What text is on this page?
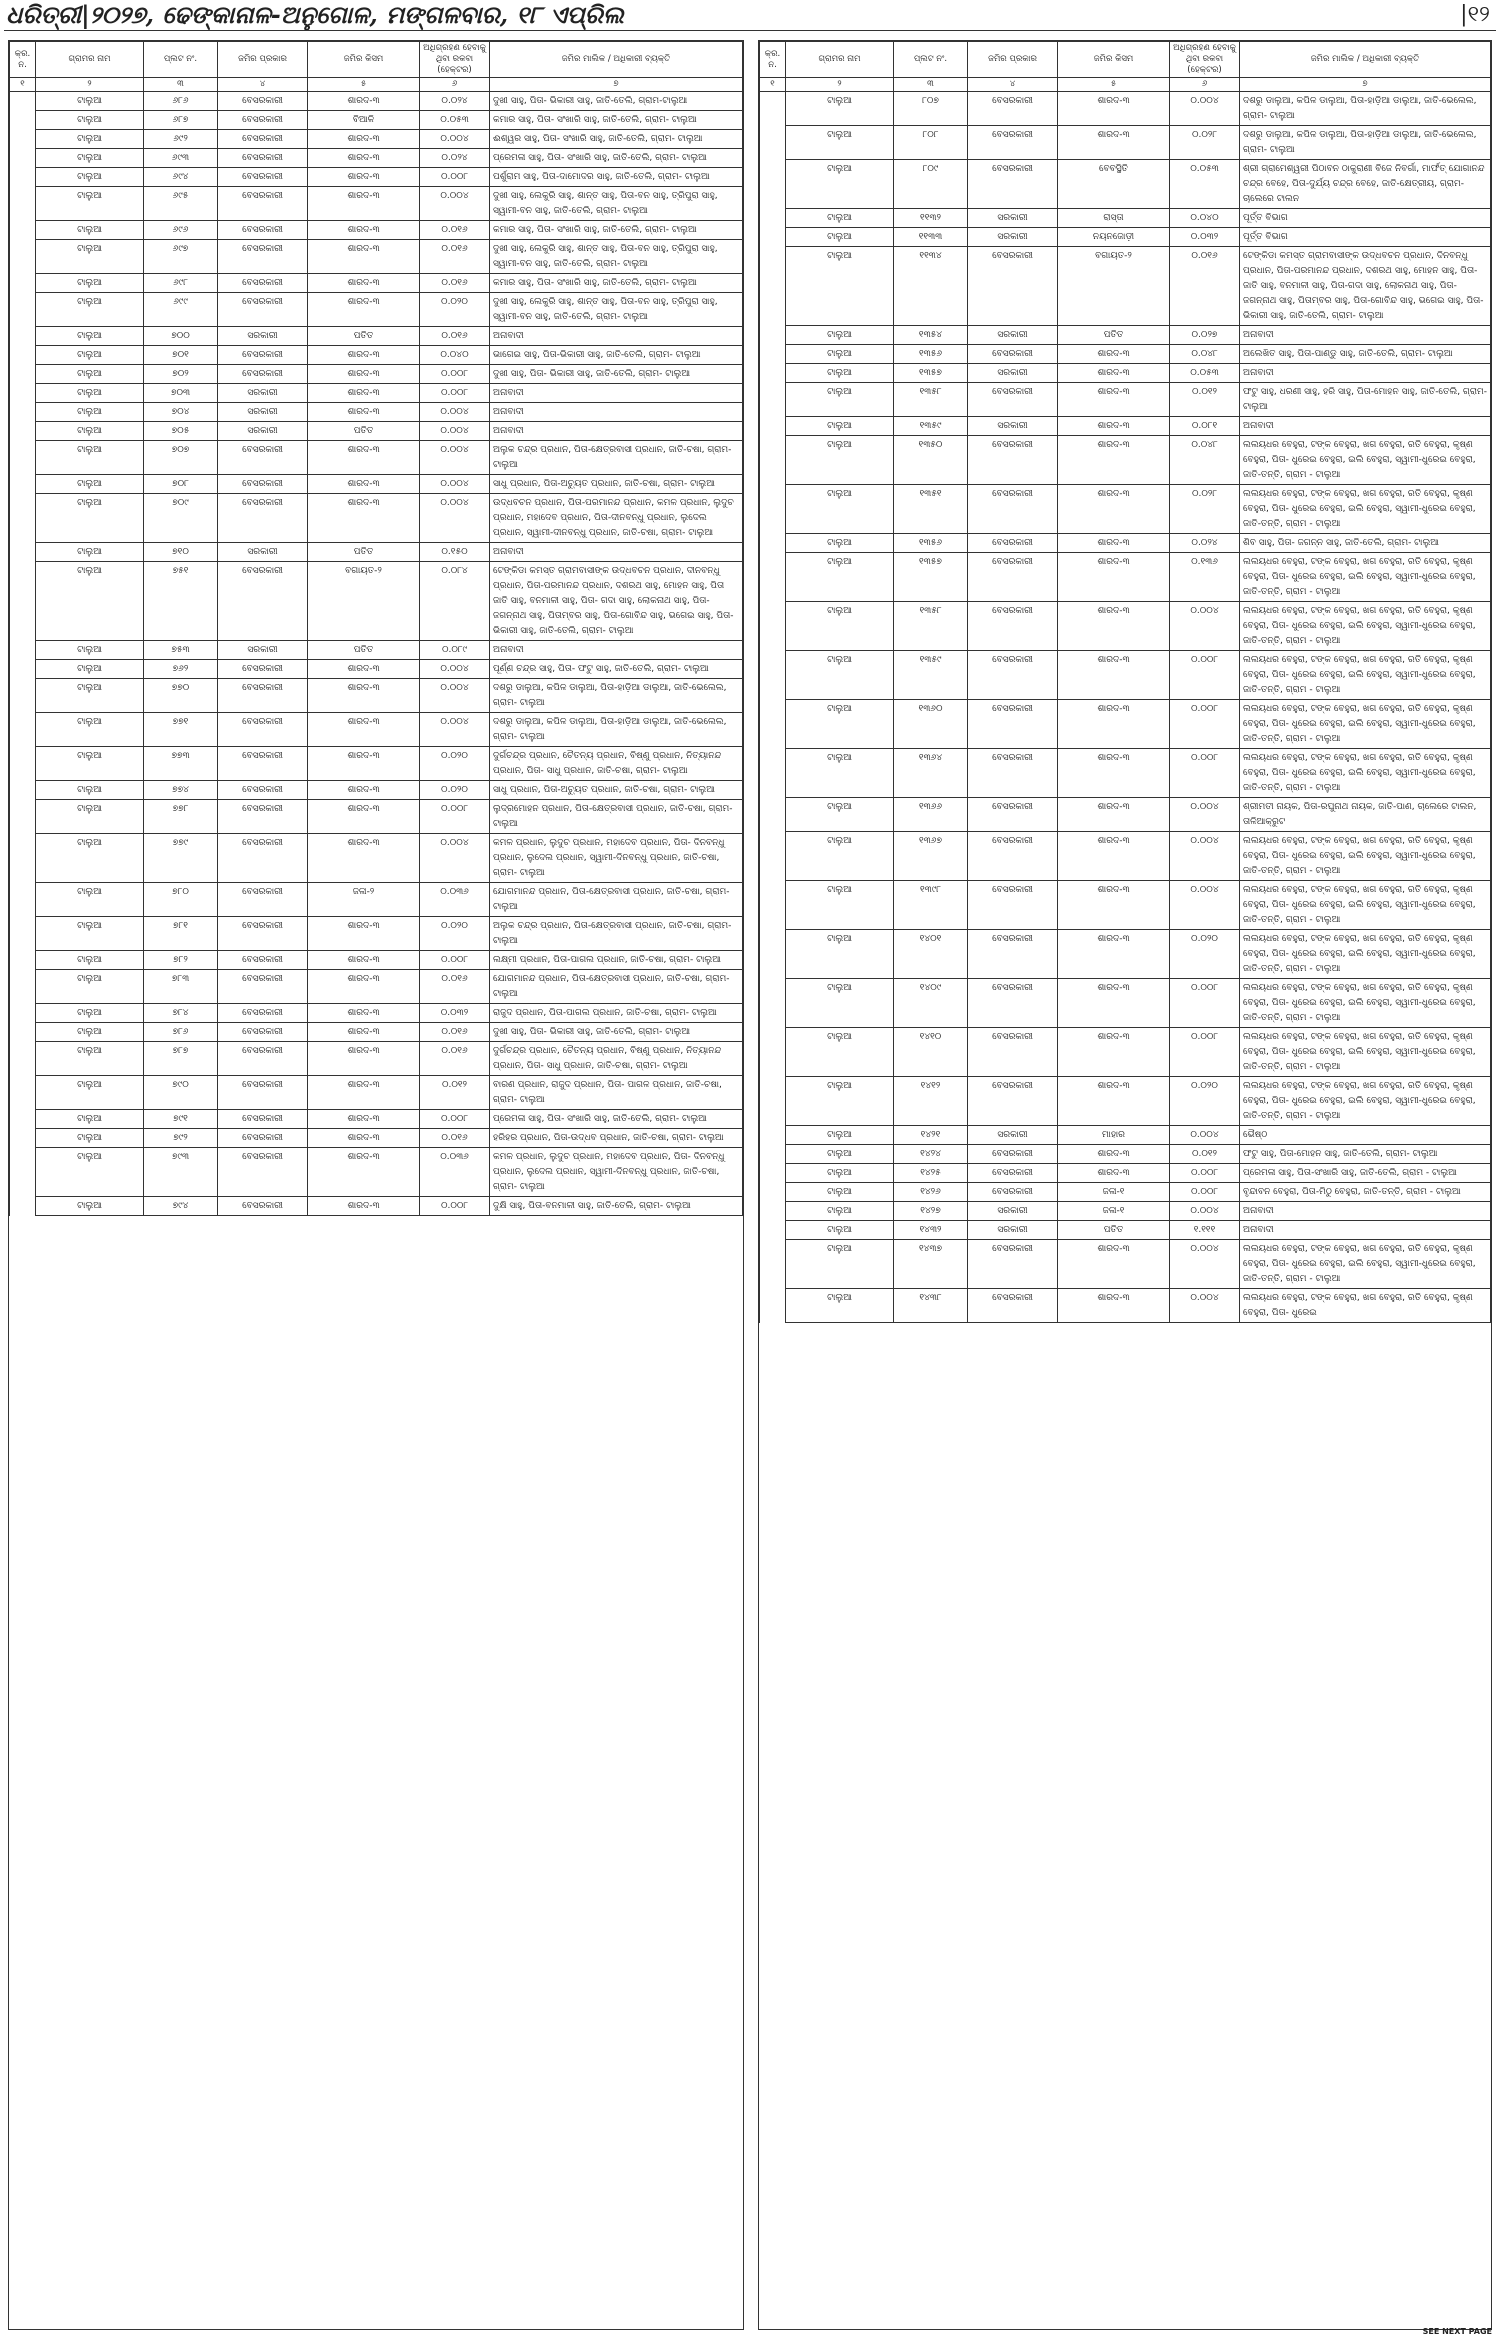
ଧରିତ୍ରୀ|୨୦୨୭, ଢେଙ୍କାନାଳ-ଅନୁଗୋଳ, ମଙ୍ଗଳବାର, ୧୮ ଏପ୍ରିଲ	|୧୨
କ୍ର. ନ.	ଗ୍ରାମର ନାମ	ପ୍ଲଟ ନଂ.	ଜମିର ପ୍ରକାର	ଜମିର କିସମ	ଅଧିଗ୍ରହଣ ହେବାକୁ ଥିବା ରକବା (ହେକ୍ଟର)	ଜମିର ମାଲିକ / ଅଧିକାରୀ ବ୍ୟକ୍ତି
୧	୨	୩	୪	୫	୬	୭
	ଟାଲୁଆ	୬୮୬	ବେସରକାରୀ	ଶାରଦ-୩	୦.୦୨୪	ଦୁଖୀ ସାହୁ, ପିତା- ଭିକାରୀ ସାହୁ, ଜାତି-ତେଲି, ଗ୍ରାମ-ଟାଲୁଆ
	ଟାଲୁଆ	୬୮୭	ବେସରକାରୀ	ବିଆଳି	୦.୦୫୩	କମାର ସାହୁ, ପିତା- ସଂଖାରି ସାହୁ, ଜାତି-ତେଲି, ଗ୍ରାମ- ଟାଲୁଆ
	ଟାଲୁଆ	୬୯୨	ବେସରକାରୀ	ଶାରଦ-୩	୦.୦୦୪	ଈଶ୍ୱର ସାହୁ, ପିତା- ସଂଖାରି ସାହୁ, ଜାତି-ତେଲି, ଗ୍ରାମ- ଟାଲୁଆ
	ଟାଲୁଆ	୬୯୩	ବେସରକାରୀ	ଶାରଦ-୩	୦.୦୨୪	ପ୍ରେମଳା ସାହୁ, ପିତା- ସଂଖାରି ସାହୁ, ଜାତି-ତେଲି, ଗ୍ରାମ- ଟାଲୁଆ
	ଟାଲୁଆ	୬୯୪	ବେସରକାରୀ	ଶାରଦ-୩	୦.୦୦୮	ପର୍ଶୁରାମ ସାହୁ, ପିତା-ଦାମୋଦର ସାହୁ, ଜାତି-ତେଲି, ଗ୍ରାମ- ଟାଲୁଆ
	ଟାଲୁଆ	୬୯୫	ବେସରକାରୀ	ଶାରଦ-୩	୦.୦୦୪	ଦୁଖୀ ସାହୁ, ଲେକୁରି ସାହୁ, ଶାନ୍ତ ସାହୁ, ପିତା-ବନ ସାହୁ, ତ୍ରିପୁରା ସାହୁ, ସ୍ୱାମୀ-ବନ ସାହୁ, ଜାତି-ତେଲି, ଗ୍ରାମ- ଟାଲୁଆ
	ଟାଲୁଆ	୬୯୬	ବେସରକାରୀ	ଶାରଦ-୩	୦.୦୧୬	କମାର ସାହୁ, ପିତା- ସଂଖାରି ସାହୁ, ଜାତି-ତେଲି, ଗ୍ରାମ- ଟାଲୁଆ
	ଟାଲୁଆ	୬୯୭	ବେସରକାରୀ	ଶାରଦ-୩	୦.୦୧୬	ଦୁଖୀ ସାହୁ, ଲେକୁରି ସାହୁ, ଶାନ୍ତ ସାହୁ, ପିତା-ବନ ସାହୁ, ତ୍ରିପୁରା ସାହୁ, ସ୍ୱାମୀ-ବନ ସାହୁ, ଜାତି-ତେଲି, ଗ୍ରାମ- ଟାଲୁଆ
	ଟାଲୁଆ	୬୯୮	ବେସରକାରୀ	ଶାରଦ-୩	୦.୦୧୬	କମାର ସାହୁ, ପିତା- ସଂଖାରି ସାହୁ, ଜାତି-ତେଲି, ଗ୍ରାମ- ଟାଲୁଆ
	ଟାଲୁଆ	୬୯୯	ବେସରକାରୀ	ଶାରଦ-୩	୦.୦୨୦	ଦୁଖୀ ସାହୁ, ଲେକୁରି ସାହୁ, ଶାନ୍ତ ସାହୁ, ପିତା-ବନ ସାହୁ, ତ୍ରିପୁରା ସାହୁ, ସ୍ୱାମୀ-ବନ ସାହୁ, ଜାତି-ତେଲି, ଗ୍ରାମ- ଟାଲୁଆ
	ଟାଲୁଆ	୭୦୦	ସରକାରୀ	ପତିତ	୦.୦୧୬	ଅନାବାଦୀ
	ଟାଲୁଆ	୭୦୧	ବେସରକାରୀ	ଶାରଦ-୩	୦.୦୪୦	ଭାଗେଇ ସାହୁ, ପିତା-ଭିକାରୀ ସାହୁ, ଜାତି-ତେଲି, ଗ୍ରାମ- ଟାଲୁଆ
	ଟାଲୁଆ	୭୦୨	ବେସରକାରୀ	ଶାରଦ-୩	୦.୦୦୮	ଦୁଖୀ ସାହୁ, ପିତା- ଭିକାରୀ ସାହୁ, ଜାତି-ତେଲି, ଗ୍ରାମ- ଟାଲୁଆ
	ଟାଲୁଆ	୭୦୩	ସରକାରୀ	ଶାରଦ-୩	୦.୦୦୮	ଅନାବାଦୀ
	ଟାଲୁଆ	୭୦୪	ସରକାରୀ	ଶାରଦ-୩	୦.୦୦୪	ଅନାବାଦୀ
	ଟାଲୁଆ	୭୦୫	ସରକାରୀ	ପତିତ	୦.୦୦୪	ଅନାବାଦୀ
	ଟାଲୁଆ	୭୦୭	ବେସରକାରୀ	ଶାରଦ-୩	୦.୦୦୪	ଅଲୁକ ଚନ୍ଦ୍ର ପ୍ରଧାନ, ପିତା-କ୍ଷେତ୍ରବାସୀ ପ୍ରଧାନ, ଜାତି-ଚଷା, ଗ୍ରାମ- ଟାଲୁଆ
	ଟାଲୁଆ	୭୦୮	ବେସରକାରୀ	ଶାରଦ-୩	୦.୦୦୪	ସାଧୁ ପ୍ରଧାନ, ପିତା-ଅଚ୍ୟୁତ ପ୍ରଧାନ, ଜାତି-ଚଷା, ଗ୍ରାମ- ଟାଲୁଆ
	ଟାଲୁଆ	୭୦୯	ବେସରକାରୀ	ଶାରଦ-୩	୦.୦୦୪	ଉଦ୍ଧବଚନ ପ୍ରଧାନ, ପିତା-ପରମାନନ୍ଦ ପ୍ରଧାନ, କମଳ ପ୍ରଧାନ, ଲୁଦୁଚ ପ୍ରଧାନ, ମହାଦେବ ପ୍ରଧାନ, ପିତା-ଦୀନବନ୍ଧୁ ପ୍ରଧାନ, ଲୁଦେଲ ପ୍ରଧାନ, ସ୍ୱାମୀ-ଦୀନବନ୍ଧୁ ପ୍ରଧାନ, ଜାତି-ଚଷା, ଗ୍ରାମ- ଟାଲୁଆ
	ଟାଲୁଆ	୭୧୦	ସରକାରୀ	ପତିତ	୦.୧୫୦	ଅନାବାଦୀ
	ଟାଲୁଆ	୭୫୧	ବେସରକାରୀ	ବଗାୟତ-୨	୦.୦୮୪	ଟେଙ୍କିଡା କମସ୍ତ ଗ୍ରାମବାସୀଙ୍କ ଉଦ୍ଧବଚନ ପ୍ରଧାନ, ଦୀନବନ୍ଧୁ ପ୍ରଧାନ, ପିତା-ପରମାନନ୍ଦ ପ୍ରଧାନ, ଦଶରଥ ସାହୁ, ମୋହନ ସାହୁ, ପିତା ଜାତି ସାହୁ, ବନମାଳୀ ସାହୁ, ପିତା- ଗଦା ସାହୁ, ଲୋକନାଥ ସାହୁ, ପିତା-ଜଗନ୍ନାଥ ସାହୁ, ପିତାମ୍ବର ସାହୁ, ପିତା-ଗୋବିନ୍ଦ ସାହୁ, ଭଗେଇ ସାହୁ, ପିତା-ଭିକାରୀ ସାହୁ, ଜାତି-ତେଲି, ଗ୍ରାମ- ଟାଲୁଆ
	ଟାଲୁଆ	୭୫୩	ସରକାରୀ	ପତିତ	୦.୦୮୯	ଅନାବାଦୀ
	ଟାଲୁଆ	୭୬୨	ବେସରକାରୀ	ଶାରଦ-୩	୦.୦୦୪	ପୂର୍ଣ୍ଣ ଚନ୍ଦ୍ର ସାହୁ, ପିତା- ଫଟୁ ସାହୁ, ଜାତି-ତେଲି, ଗ୍ରାମ- ଟାଲୁଆ
	ଟାଲୁଆ	୭୭୦	ବେସରକାରୀ	ଶାରଦ-୩	୦.୦୦୪	ଦଶରୁ ଡାଲୁଆ, କପିଳ ଡାଲୁଆ, ପିତା-ହାଡ଼ିଆ ଡାଲୁଆ, ଜାତି-ଭେଲେଲ, ଗ୍ରାମ- ଟାଲୁଆ
	ଟାଲୁଆ	୭୭୧	ବେସରକାରୀ	ଶାରଦ-୩	୦.୦୦୪	ଦଶରୁ ଡାଲୁଆ, କପିଳ ଡାଲୁଆ, ପିତା-ହାଡ଼ିଆ ଡାଲୁଆ, ଜାତି-ଭେଲେଲ, ଗ୍ରାମ- ଟାଲୁଆ
	ଟାଲୁଆ	୭୭୩	ବେସରକାରୀ	ଶାରଦ-୩	୦.୦୨୦	ଦୁର୍ଗଚନ୍ଦ୍ର ପ୍ରଧାନ, ଚୈତନ୍ୟ ପ୍ରଧାନ, ବିଷ୍ଣୁ ପ୍ରଧାନ, ନିତ୍ୟାନନ୍ଦ ପ୍ରଧାନ, ପିତା- ସାଧୁ ପ୍ରଧାନ, ଜାତି-ଚଷା, ଗ୍ରାମ- ଟାଲୁଆ
	ଟାଲୁଆ	୭୭୪	ବେସରକାରୀ	ଶାରଦ-୩	୦.୦୨୦	ସାଧୁ ପ୍ରଧାନ, ପିତା-ଅଚ୍ୟୁତ ପ୍ରଧାନ, ଜାତି-ଚଷା, ଗ୍ରାମ- ଟାଲୁଆ
	ଟାଲୁଆ	୭୭୮	ବେସରକାରୀ	ଶାରଦ-୩	୦.୦୦୮	ଲୁଦ୍ରମୋହନ ପ୍ରଧାନ, ପିତା-କ୍ଷେତ୍ରବାସୀ ପ୍ରଧାନ, ଜାତି-ଚଷା, ଗ୍ରାମ- ଟାଲୁଆ
	ଟାଲୁଆ	୭୭୯	ବେସରକାରୀ	ଶାରଦ-୩	୦.୦୦୪	କମଳ ପ୍ରଧାନ, ଲୁଦୁଚ ପ୍ରଧାନ, ମହାଦେବ ପ୍ରଧାନ, ପିତା- ଦିନବନ୍ଧୁ ପ୍ରଧାନ, ଲୁଦେଲ ପ୍ରଧାନ, ସ୍ୱାମୀ-ଦିନବନ୍ଧୁ ପ୍ରଧାନ, ଜାତି-ଚଷା, ଗ୍ରାମ- ଟାଲୁଆ
	ଟାଲୁଆ	୭୮୦	ବେସରକାରୀ	ଜଳା-୨	୦.୦୩୬	ଯୋଗମାନନ୍ଦ ପ୍ରଧାନ, ପିତା-କ୍ଷେତ୍ରବାସୀ ପ୍ରଧାନ, ଜାତି-ଚଷା, ଗ୍ରାମ- ଟାଲୁଆ
	ଟାଲୁଆ	୭୮୧	ବେସରକାରୀ	ଶାରଦ-୩	୦.୦୨୦	ଅଲୁକ ଚନ୍ଦ୍ର ପ୍ରଧାନ, ପିତା-କ୍ଷେତ୍ରବାସୀ ପ୍ରଧାନ, ଜାତି-ଚଷା, ଗ୍ରାମ- ଟାଲୁଆ
	ଟାଲୁଆ	୭୮୨	ବେସରକାରୀ	ଶାରଦ-୩	୦.୦୦୮	ଲକ୍ଷ୍ମୀ ପ୍ରଧାନ, ପିତା-ପାଗଲ ପ୍ରଧାନ, ଜାତି-ଚଷା, ଗ୍ରାମ- ଟାଲୁଆ
	ଟାଲୁଆ	୭୮୩	ବେସରକାରୀ	ଶାରଦ-୩	୦.୦୧୬	ଯୋଗମାନନ୍ଦ ପ୍ରଧାନ, ପିତା-କ୍ଷେତ୍ରବାସୀ ପ୍ରଧାନ, ଜାତି-ଚଷା, ଗ୍ରାମ- ଟାଲୁଆ
	ଟାଲୁଆ	୭୮୪	ବେସରକାରୀ	ଶାରଦ-୩	୦.୦୩୨	ରାଜୁଦ ପ୍ରଧାନ, ପିତା-ପାଗଲ ପ୍ରଧାନ, ଜାତି-ଚଷା, ଗ୍ରାମ- ଟାଲୁଆ
	ଟାଲୁଆ	୭୮୬	ବେସରକାରୀ	ଶାରଦ-୩	୦.୦୧୬	ଦୁଖୀ ସାହୁ, ପିତା- ଭିକାରୀ ସାହୁ, ଜାତି-ତେଲି, ଗ୍ରାମ- ଟାଲୁଆ
	ଟାଲୁଆ	୭୮୭	ବେସରକାରୀ	ଶାରଦ-୩	୦.୦୧୬	ଦୁର୍ଗଚନ୍ଦ୍ର ପ୍ରଧାନ, ଚୈତନ୍ୟ ପ୍ରଧାନ, ବିଷ୍ଣୁ ପ୍ରଧାନ, ନିତ୍ୟାନନ୍ଦ ପ୍ରଧାନ, ପିତା- ସାଧୁ ପ୍ରଧାନ, ଜାତି-ଚଷା, ଗ୍ରାମ- ଟାଲୁଆ
	ଟାଲୁଆ	୭୯୦	ବେସରକାରୀ	ଶାରଦ-୩	୦.୦୧୨	ବାରଣ ପ୍ରଧାନ, ରାଜୁଦ ପ୍ରଧାନ, ପିତା- ପାଗଳ ପ୍ରଧାନ, ଜାତି-ଚଷା, ଗ୍ରାମ- ଟାଲୁଆ
	ଟାଲୁଆ	୭୯୧	ବେସରକାରୀ	ଶାରଦ-୩	୦.୦୦୮	ପ୍ରେମଳା ସାହୁ, ପିତା- ସଂଖାରି ସାହୁ, ଜାତି-ତେଲି, ଗ୍ରାମ- ଟାଲୁଆ
	ଟାଲୁଆ	୭୯୨	ବେସରକାରୀ	ଶାରଦ-୩	୦.୦୧୬	ହରିହର ପ୍ରଧାନ, ପିତା-ଉଦ୍ଧବ ପ୍ରଧାନ, ଜାତି-ଚଷା, ଗ୍ରାମ- ଟାଲୁଆ
	ଟାଲୁଆ	୭୯୩	ବେସରକାରୀ	ଶାରଦ-୩	୦.୦୩୬	କମଳ ପ୍ରଧାନ, ଲୁଦୁଚ ପ୍ରଧାନ, ମହାଦେବ ପ୍ରଧାନ, ପିତା- ଦିନବନ୍ଧୁ ପ୍ରଧାନ, ଲୁଦେଲ ପ୍ରଧାନ, ସ୍ୱାମୀ-ଦିନବନ୍ଧୁ ପ୍ରଧାନ, ଜାତି-ଚଷା, ଗ୍ରାମ- ଟାଲୁଆ
	ଟାଲୁଆ	୭୯୪	ବେସରକାରୀ	ଶାରଦ-୩	୦.୦୦୮	ଦୁକ୍ଷି ସାହୁ, ପିତା-ବନମାଳୀ ସାହୁ, ଜାତି-ତେଲି, ଗ୍ରାମ- ଟାଲୁଆ
କ୍ର. ନ.	ଗ୍ରାମର ନାମ	ପ୍ଲଟ ନଂ.	ଜମିର ପ୍ରକାର	ଜମିର କିସମ	ଅଧିଗ୍ରହଣ ହେବାକୁ ଥିବା ରକବା (ହେକ୍ଟର)	ଜମିର ମାଲିକ / ଅଧିକାରୀ ବ୍ୟକ୍ତି
୧	୨	୩	୪	୫	୬	୭
	ଟାଲୁଆ	୮୦୭	ବେସରକାରୀ	ଶାରଦ-୩	୦.୦୦୪	ଦଶରୁ ଡାଲୁଆ, କପିଳ ଡାଲୁଆ, ପିତା-ହାଡ଼ିଆ ଡାଲୁଆ, ଜାତି-ଭେଲେଲ, ଗ୍ରାମ- ଟାଲୁଆ
	ଟାଲୁଆ	୮୦୮	ବେସରକାରୀ	ଶାରଦ-୩	୦.୦୨୮	ଦଶରୁ ଡାଲୁଆ, କପିଳ ଡାଲୁଆ, ପିତା-ହାଡ଼ିଆ ଡାଲୁଆ, ଜାତି-ଭେଲେଲ, ଗ୍ରାମ- ଟାଲୁଆ
	ଟାଲୁଆ	୮୦୯	ବେସରକାରୀ	ବେବସ୍ଥିତି	୦.୦୫୩	ଶ୍ରୀ ଗ୍ରାମେଶ୍ୱରୀ ପିଠାବନ ଠାକୁରାଣୀ ବିଜେ ନିବର୍ଗା, ମାର୍ଫତ୍ ଯୋଗାନନ୍ଦ ଚନ୍ଦ୍ର ବେହେ, ପିତା-ଦୁର୍ଯ୍ୟ ଚନ୍ଦ୍ର ବେହେ, ଜାତି-କ୍ଷେତ୍ରୀୟ, ଗ୍ରାମ-ଚାଲେରେ ଟାଲନ
	ଟାଲୁଆ	୧୧୩୨	ସରକାରୀ	ରାସ୍ତା	୦.୦୪୦	ପୂର୍ତ୍ତ ବିଭାଗ
	ଟାଲୁଆ	୧୧୩୩	ସରକାରୀ	ନୟନଜୋଡ଼ୀ	୦.୦୩୨	ପୂର୍ତ୍ତ ବିଭାଗ
	ଟାଲୁଆ	୧୧୩୪	ବେସରକାରୀ	ବଗାୟତ-୨	୦.୦୧୬	ଟେଙ୍କିଡା କମସ୍ତ ଗ୍ରାମବାସୀଙ୍କ ଉଦ୍ଧବଚନ ପ୍ରଧାନ, ଦିନବନ୍ଧୁ ପ୍ରଧାନ, ପିତା-ପରମାନନ୍ଦ ପ୍ରଧାନ, ଦଶରଥ ସାହୁ, ମୋହନ ସାହୁ, ପିତା-ଜାତି ସାହୁ, ବନମାଳୀ ସାହୁ, ପିତା-ଗଦା ସାହୁ, ଲୋକନାଥ ସାହୁ, ପିତା-ଜଗନ୍ନାଥ ସାହୁ, ପିତାମ୍ବର ସାହୁ, ପିତା-ଗୋବିନ୍ଦ ସାହୁ, ଭଗେଇ ସାହୁ, ପିତା- ଭିକାରୀ ସାହୁ, ଜାତି-ତେଲି, ଗ୍ରାମ- ଟାଲୁଆ
	ଟାଲୁଆ	୧୩୫୪	ସରକାରୀ	ପତିତ	୦.୦୨୭	ଅନାବାଦୀ
	ଟାଲୁଆ	୧୩୫୬	ବେସରକାରୀ	ଶାରଦ-୩	୦.୦୪୮	ଅଲେଖିତ ସାହୁ, ପିତା-ପାଣ୍ଡୁ ସାହୁ, ଜାତି-ତେଲି, ଗ୍ରାମ- ଟାଲୁଆ
	ଟାଲୁଆ	୧୩୫୭	ସରକାରୀ	ଶାରଦ-୩	୦.୦୫୩	ଅନାବାଦୀ
	ଟାଲୁଆ	୧୩୫୮	ବେସରକାରୀ	ଶାରଦ-୩	୦.୦୧୨	ଫଟୁ ସାହୁ, ଧରଣୀ ସାହୁ, ହରି ସାହୁ, ପିତା-ମୋହନ ସାହୁ, ଜାତି-ତେଲି, ଗ୍ରାମ- ଟାଲୁଆ
	ଟାଲୁଆ	୧୩୫୯	ସରକାରୀ	ଶାରଦ-୩	୦.୦୮୧	ଅନାବାଦୀ
	ଟାଲୁଆ	୧୩୫୦	ବେସରକାରୀ	ଶାରଦ-୩	୦.୦୪୮	ଲଲୟଧର ବେହୁରା, ଟଙ୍କ ବେହୁରା, ଖଗ ବେହୁରା, ରତି ବେହୁରା, କୃଷ୍ଣ ବେହୁରା, ପିତା- ଧୁରେଇ ବେହୁରା, ଇଲି ବେହୁରା, ସ୍ୱାମୀ-ଧୁରେଇ ବେହୁରା, ଜାତି-ତନ୍ତି, ଗ୍ରାମ - ଟାଲୁଆ
	ଟାଲୁଆ	୧୩୫୧	ବେସରକାରୀ	ଶାରଦ-୩	୦.୦୨୮	ଲଲୟଧର ବେହୁରା, ଟଙ୍କ ବେହୁରା, ଖଗ ବେହୁରା, ରତି ବେହୁରା, କୃଷ୍ଣ ବେହୁରା, ପିତା- ଧୁରେଇ ବେହୁରା, ଇଲି ବେହୁରା, ସ୍ୱାମୀ-ଧୁରେଇ ବେହୁରା, ଜାତି-ତନ୍ତି, ଗ୍ରାମ - ଟାଲୁଆ
	ଟାଲୁଆ	୧୩୫୬	ବେସରକାରୀ	ଶାରଦ-୩	୦.୦୨୪	ଶିବ ସାହୁ, ପିତା- ଜଗନ୍ନ ସାହୁ, ଜାତି-ତେଲି, ଗ୍ରାମ- ଟାଲୁଆ
	ଟାଲୁଆ	୧୩୫୭	ବେସରକାରୀ	ଶାରଦ-୩	୦.୧୩୬	ଲଲୟଧର ବେହୁରା, ଟଙ୍କ ବେହୁରା, ଖଗ ବେହୁରା, ରତି ବେହୁରା, କୃଷ୍ଣ ବେହୁରା, ପିତା- ଧୁରେଇ ବେହୁରା, ଇଲି ବେହୁରା, ସ୍ୱାମୀ-ଧୁରେଇ ବେହୁରା, ଜାତି-ତନ୍ତି, ଗ୍ରାମ - ଟାଲୁଆ
	ଟାଲୁଆ	୧୩୫୮	ବେସରକାରୀ	ଶାରଦ-୩	୦.୦୦୪	ଲଲୟଧର ବେହୁରା, ଟଙ୍କ ବେହୁରା, ଖଗ ବେହୁରା, ରତି ବେହୁରା, କୃଷ୍ଣ ବେହୁରା, ପିତା- ଧୁରେଇ ବେହୁରା, ଇଲି ବେହୁରା, ସ୍ୱାମୀ-ଧୁରେଇ ବେହୁରା, ଜାତି-ତନ୍ତି, ଗ୍ରାମ - ଟାଲୁଆ
	ଟାଲୁଆ	୧୩୫୯	ବେସରକାରୀ	ଶାରଦ-୩	୦.୦୦୮	ଲଲୟଧର ବେହୁରା, ଟଙ୍କ ବେହୁରା, ଖଗ ବେହୁରା, ରତି ବେହୁରା, କୃଷ୍ଣ ବେହୁରା, ପିତା- ଧୁରେଇ ବେହୁରା, ଇଲି ବେହୁରା, ସ୍ୱାମୀ-ଧୁରେଇ ବେହୁରା, ଜାତି-ତନ୍ତି, ଗ୍ରାମ - ଟାଲୁଆ
	ଟାଲୁଆ	୧୩୬୦	ବେସରକାରୀ	ଶାରଦ-୩	୦.୦୦୮	ଲଲୟଧର ବେହୁରା, ଟଙ୍କ ବେହୁରା, ଖଗ ବେହୁରା, ରତି ବେହୁରା, କୃଷ୍ଣ ବେହୁରା, ପିତା- ଧୁରେଇ ବେହୁରା, ଇଲି ବେହୁରା, ସ୍ୱାମୀ-ଧୁରେଇ ବେହୁରା, ଜାତି-ତନ୍ତି, ଗ୍ରାମ - ଟାଲୁଆ
	ଟାଲୁଆ	୧୩୬୪	ବେସରକାରୀ	ଶାରଦ-୩	୦.୦୦୮	ଲଲୟଧର ବେହୁରା, ଟଙ୍କ ବେହୁରା, ଖଗ ବେହୁରା, ରତି ବେହୁରା, କୃଷ୍ଣ ବେହୁରା, ପିତା- ଧୁରେଇ ବେହୁରା, ଇଲି ବେହୁରା, ସ୍ୱାମୀ-ଧୁରେଇ ବେହୁରା, ଜାତି-ତନ୍ତି, ଗ୍ରାମ - ଟାଲୁଆ
	ଟାଲୁଆ	୧୩୬୬	ବେସରକାରୀ	ଶାରଦ-୩	୦.୦୦୪	ଶ୍ରୀମତୀ ନାୟକ, ପିତା-ରଘୁନାଥ ନାୟକ, ଜାତି-ପାଣ, ଚାଲେରେ ଟାଲନ, ତାଳିଆକ୍ରୁଟ
	ଟାଲୁଆ	୧୩୬୭	ବେସରକାରୀ	ଶାରଦ-୩	୦.୦୦୪	ଲଲୟଧର ବେହୁରା, ଟଙ୍କ ବେହୁରା, ଖଗ ବେହୁରା, ରତି ବେହୁରା, କୃଷ୍ଣ ବେହୁରା, ପିତା- ଧୁରେଇ ବେହୁରା, ଇଲି ବେହୁରା, ସ୍ୱାମୀ-ଧୁରେଇ ବେହୁରା, ଜାତି-ତନ୍ତି, ଗ୍ରାମ - ଟାଲୁଆ
	ଟାଲୁଆ	୧୩୯୮	ବେସରକାରୀ	ଶାରଦ-୩	୦.୦୦୪	ଲଲୟଧର ବେହୁରା, ଟଙ୍କ ବେହୁରା, ଖଗ ବେହୁରା, ରତି ବେହୁରା, କୃଷ୍ଣ ବେହୁରା, ପିତା- ଧୁରେଇ ବେହୁରା, ଇଲି ବେହୁରା, ସ୍ୱାମୀ-ଧୁରେଇ ବେହୁରା, ଜାତି-ତନ୍ତି, ଗ୍ରାମ - ଟାଲୁଆ
	ଟାଲୁଆ	୧୪୦୧	ବେସରକାରୀ	ଶାରଦ-୩	୦.୦୨୦	ଲଲୟଧର ବେହୁରା, ଟଙ୍କ ବେହୁରା, ଖଗ ବେହୁରା, ରତି ବେହୁରା, କୃଷ୍ଣ ବେହୁରା, ପିତା- ଧୁରେଇ ବେହୁରା, ଇଲି ବେହୁରା, ସ୍ୱାମୀ-ଧୁରେଇ ବେହୁରା, ଜାତି-ତନ୍ତି, ଗ୍ରାମ - ଟାଲୁଆ
	ଟାଲୁଆ	୧୪୦୯	ବେସରକାରୀ	ଶାରଦ-୩	୦.୦୦୮	ଲଲୟଧର ବେହୁରା, ଟଙ୍କ ବେହୁରା, ଖଗ ବେହୁରା, ରତି ବେହୁରା, କୃଷ୍ଣ ବେହୁରା, ପିତା- ଧୁରେଇ ବେହୁରା, ଇଲି ବେହୁରା, ସ୍ୱାମୀ-ଧୁରେଇ ବେହୁରା, ଜାତି-ତନ୍ତି, ଗ୍ରାମ - ଟାଲୁଆ
	ଟାଲୁଆ	୧୪୧୦	ବେସରକାରୀ	ଶାରଦ-୩	୦.୦୦୮	ଲଲୟଧର ବେହୁରା, ଟଙ୍କ ବେହୁରା, ଖଗ ବେହୁରା, ରତି ବେହୁରା, କୃଷ୍ଣ ବେହୁରା, ପିତା- ଧୁରେଇ ବେହୁରା, ଇଲି ବେହୁରା, ସ୍ୱାମୀ-ଧୁରେଇ ବେହୁରା, ଜାତି-ତନ୍ତି, ଗ୍ରାମ - ଟାଲୁଆ
	ଟାଲୁଆ	୧୪୧୨	ବେସରକାରୀ	ଶାରଦ-୩	୦.୦୨୦	ଲଲୟଧର ବେହୁରା, ଟଙ୍କ ବେହୁରା, ଖଗ ବେହୁରା, ରତି ବେହୁରା, କୃଷ୍ଣ ବେହୁରା, ପିତା- ଧୁରେଇ ବେହୁରା, ଇଲି ବେହୁରା, ସ୍ୱାମୀ-ଧୁରେଇ ବେହୁରା, ଜାତି-ତନ୍ତି, ଗ୍ରାମ - ଟାଲୁଆ
	ଟାଲୁଆ	୧୪୨୧	ସରକାରୀ	ମାହାର	୦.୦୦୪	ଭୈଷ୍ଠ
	ଟାଲୁଆ	୧୪୨୪	ବେସରକାରୀ	ଶାରଦ-୩	୦.୦୧୨	ଫଟୁ ସାହୁ, ପିତା-ମୋହନ ସାହୁ, ଜାତି-ତେଲି, ଗ୍ରାମ- ଟାଲୁଆ
	ଟାଲୁଆ	୧୪୨୫	ବେସରକାରୀ	ଶାରଦ-୩	୦.୦୦୮	ପ୍ରେମଳା ସାହୁ, ପିତା-ସଂଖାରି ସାହୁ, ଜାତି-ତେଲି, ଗ୍ରାମ - ଟାଲୁଆ
	ଟାଲୁଆ	୧୪୨୬	ବେସରକାରୀ	ଜଳା-୧	୦.୦୦୮	ବୃନ୍ଦାବନ ବେହୁରା, ପିତା-ମିଠୁ ବେହୁରା, ଜାତି-ତନ୍ତି, ଗ୍ରାମ - ଟାଲୁଆ
	ଟାଲୁଆ	୧୪୨୭	ସରକାରୀ	ଜଳା-୧	୦.୦୦୪	ଅନାବାଦୀ
	ଟାଲୁଆ	୧୪୩୨	ସରକାରୀ	ପତିତ	୧.୧୧୧	ଅନାବାଦୀ
	ଟାଲୁଆ	୧୪୩୭	ବେସରକାରୀ	ଶାରଦ-୩	୦.୦୦୪	ଲଲୟଧର ବେହୁରା, ଟଙ୍କ ବେହୁରା, ଖଗ ବେହୁରା, ରତି ବେହୁରା, କୃଷ୍ଣ ବେହୁରା, ପିତା- ଧୁରେଇ ବେହୁରା, ଇଲି ବେହୁରା, ସ୍ୱାମୀ-ଧୁରେଇ ବେହୁରା, ଜାତି-ତନ୍ତି, ଗ୍ରାମ - ଟାଲୁଆ
	ଟାଲୁଆ	୧୪୩୮	ବେସରକାରୀ	ଶାରଦ-୩	୦.୦୦୪	ଲଲୟଧର ବେହୁରା, ଟଙ୍କ ବେହୁରା, ଖଗ ବେହୁରା, ରତି ବେହୁରା, କୃଷ୍ଣ ବେହୁରା, ପିତା- ଧୁରେଇ
SEE NEXT PAGE
